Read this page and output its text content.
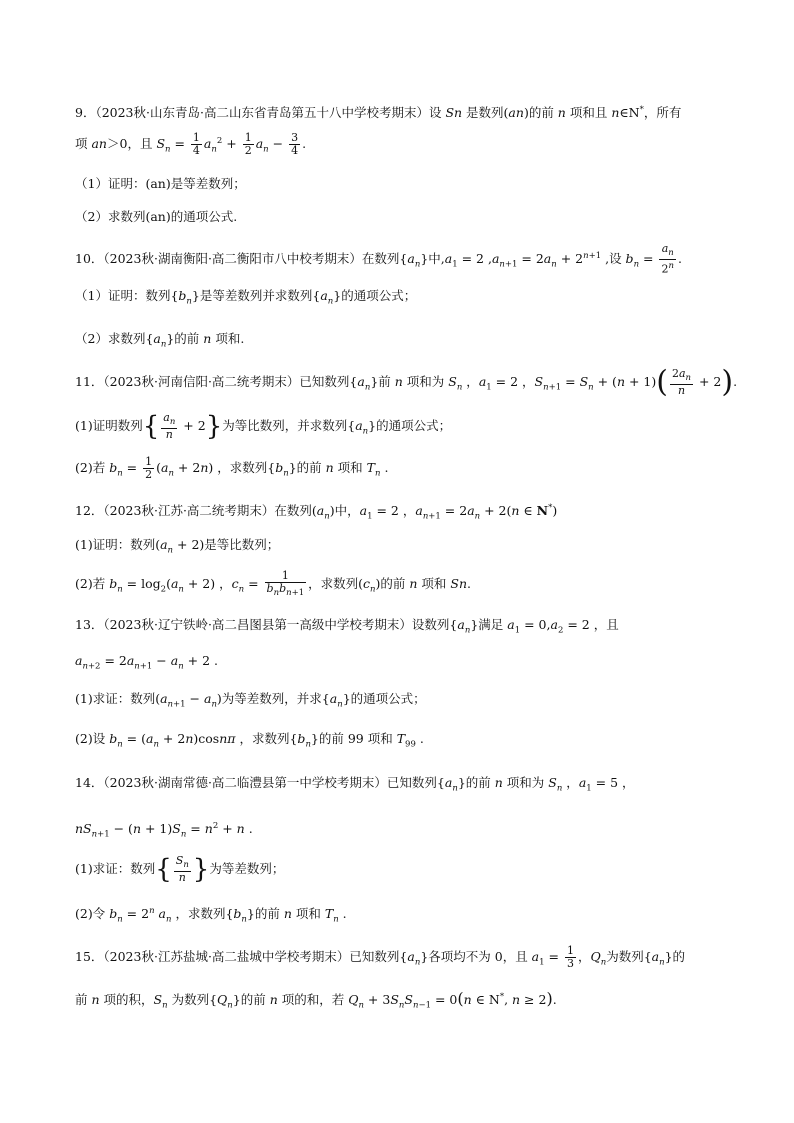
9．（2023秋·山东青岛·高二山东省青岛第五十八中学校考期末）设 Sn 是数列(an)的前 n 项和且 n∈N*，所有
项 an＞0，且 $S_n = \frac{1}{4} a_n^2 + \frac{1}{2} a_n - \frac{3}{4}$ .
（1）证明：(an)是等差数列；
（2）求数列(an)的通项公式.
10．（2023秋·湖南衡阳·高二衡阳市八中校考期末）在数列$\{a_n\}$中$,a_1 = 2$ $,a_{n+1} = 2a_n + 2^{n+1}$ ,设 $b_n = \frac{a_n}{2^n}$ .
（1）证明：数列$\{b_n\}$是等差数列并求数列$\{a_n\}$的通项公式；
（2）求数列$\{a_n\}$的前 n 项和.
11．（2023秋·河南信阳·高二统考期末）已知数列$\{a_n\}$前 n 项和为 $S_n$ ，$a_1 = 2$ ，$S_{n+1} = S_n + (n + 1)( \frac{2a_n}{n} + 2)$.
(1)证明数列{ $\frac{a_n}{n} + 2$}为等比数列，并求数列$\{a_n\}$的通项公式；
(2)若 $b_n = \frac{1}{2} (a_n + 2n)$ ，求数列$\{b_n\}$的前 n 项和 $T_n$ .
12．（2023秋·江苏·高二统考期末）在数列$(a_n)$中，$a_1 = 2$ ，$a_{n+1} = 2a_n + 2(n$ ∈ N*)
(1)证明：数列$(a_n + 2)$是等比数列；
(2)若 $b_n = \log_2(a_n + 2)$ ，$c_n = \frac{1}{b_nb_{n+1}}$ ，求数列$(c_n)$的前 n 项和 Sn.
13．（2023秋·辽宁铁岭·高二昌图县第一高级中学校考期末）设数列$\{a_n\}$满足 $a_1 = 0,a_2 = 2$ ，且
$a_{n+2} = 2a_{n+1} - a_n + 2$ .
(1)求证：数列$(a_{n+1} - a_n)$为等差数列，并求$\{a_n\}$的通项公式；
(2)设 $b_n = (a_n + 2n)\cos n\pi$ ，求数列$\{b_n\}$的前 99 项和 $T_{99}$ .
14．（2023秋·湖南常德·高二临澧县第一中学校考期末）已知数列$\{a_n\}$的前 n 项和为 $S_n$ ，$a_1 = 5$ ，
$nS_{n+1} - (n + 1)S_n = n^2 + n$ .
(1)求证：数列{ $\frac{S_n}{n}$ }为等差数列；
(2)令 $b_n = 2^n$ $a_n$ ，求数列$\{b_n\}$的前 n 项和 $T_n$ .
15．（2023秋·江苏盐城·高二盐城中学校考期末）已知数列$\{a_n\}$各项均不为 0，且 $a_1 = \frac{1}{3}$ ，$Q_n$为数列$\{a_n\}$的
前 n 项的积，$S_n$ 为数列$\{Q_n\}$的前 n 项的和，若 $Q_n + 3S_nS_{n-1} = 0(n$ ∈ N*, n ≥ 2).
